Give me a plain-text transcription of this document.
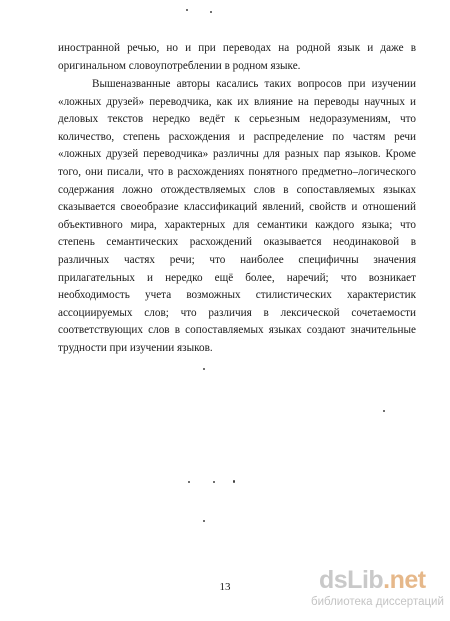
иностранной речью, но и при переводах на родной язык и даже в
оригинальном словоупотреблении в родном языке.
Вышеназванные авторы касались таких вопросов при изучении
«ложных друзей» переводчика, как их влияние на переводы научных и
деловых текстов нередко ведёт к серьезным недоразумениям, что
количество, степень расхождения и распределение по частям речи
«ложных друзей переводчика» различны для разных пар языков. Кроме
того, они писали, что в расхождениях понятного предметно–логического
содержания ложно отождествляемых слов в сопоставляемых языках
сказывается своеобразие классификаций явлений, свойств и отношений
объективного мира, характерных для семантики каждого языка; что
степень семантических расхождений оказывается неодинаковой в
различных частях речи; что наиболее специфичны значения
прилагательных и нередко ещё более, наречий; что возникает
необходимость учета возможных стилистических характеристик
ассоциируемых слов; что различия в лексической сочетаемости
соответствующих слов в сопоставляемых языках создают значительные
трудности при изучении языков.
13	dsLib.net
библиотека диссертаций
